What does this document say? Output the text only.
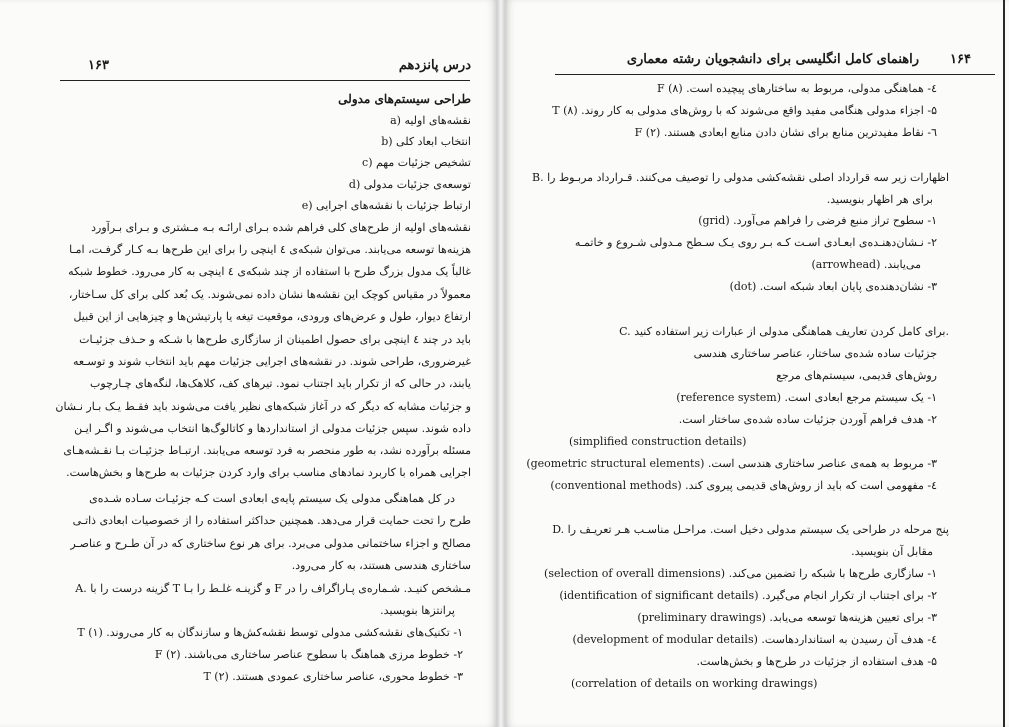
١۶٣	درس پانزدهم
طراحی سیستم‌های مدولی
نقشه‌های اولیه (a
انتخاب ابعاد کلی (b
تشخیص جزئیات مهم (c
توسعه‌ی جزئیات مدولی (d
ارتباط جزئیات با نقشه‌های اجرایی (e
نقشه‌های اولیه از طرح‌های کلی فراهم شده بـرای ارائـه بـه مـشتری و بـرای بـرآورد
هزینه‌ها توسعه می‌یابند. می‌توان شبکه‌ی ٤ اینچی را برای این طرح‌ها بـه کـار گرفـت، امـا
غالباً یک مدول بزرگ طرح با استفاده از چند شبکه‌ی ٤ اینچی به کار می‌رود. خطوط شبکه
معمولاً در مقیاس کوچک این نقشه‌ها نشان داده نمی‌شوند. یک بُعد کلی برای کل سـاختار،
ارتفاع دیوار، طول و عرض‌های ورودی، موقعیت تیغه یا پارتیشن‌ها و چیزهایی از این قبیل
باید در چند ٤ اینچی برای حصول اطمینان از سازگاری طرح‌ها با شـکه و حـذف جزئیـات
غیرضروری، طراحی شوند. در نقشه‌های اجرایی جزئیات مهم باید انتخاب شوند و توسـعه
یابند، در حالی که از تکرار باید اجتناب نمود. تیرهای کف، کلاهک‌ها، لنگه‌های چـارچوب
و جزئیات مشابه که دیگر که در آغاز شبکه‌های نظیر یافت می‌شوند باید فقـط یـک بـار نـشان
داده شوند. سپس جزئیات مدولی از استانداردها و کاتالوگ‌ها انتخاب می‌شوند و اگـر ایـن
مسئله برآورده نشد، به طور منحصر به فرد توسعه می‌یابند. ارتبـاط جزئیـات بـا نقـشه‌هـای
اجرایی همراه با کاربرد نمادهای مناسب برای وارد کردن جزئیات به طرح‌ها و بخش‌هاست.
در کل هماهنگی مدولی یک سیستم پایه‌ی ابعادی است کـه جزئیـات سـاده شـده‌ی
طرح را تحت حمایت قرار می‌دهد. همچنین حداکثر استفاده را از خصوصیات ابعادی ذاتـی
مصالح و اجزاء ساختمانی مدولی می‌برد. برای هر نوع ساختاری که در آن طـرح و عناصـر
ساختاری هندسی هستند، به کار می‌رود.
A. گزینه درست را با T و گزینـه غلـط را بـا F مـشخص کنیـد. شـماره‌ی پـاراگراف را در
پرانتزها بنویسید.
۱- تکنیک‌های نقشه‌کشی مدولی توسط نقشه‌کش‌ها و سازندگان به کار می‌روند. (۱) T
۲- خطوط مرزی هماهنگ با سطوح عناصر ساختاری می‌باشند. (۲) F
۳- خطوط محوری، عناصر ساختاری عمودی هستند. (۲) T
راهنمای کامل انگلیسی برای دانشجویان رشته معماری ١۶۴
٤- هماهنگی مدولی، مربوط به ساختارهای پیچیده است. (۸) F
۵- اجزاء مدولی هنگامی مفید واقع می‌شوند که با روش‌های مدولی به کار روند. (۸) T
٦- نقاط مفیدترین منابع برای نشان دادن منابع ابعادی هستند. (۲) F
B. اظهارات زیر سه قرارداد اصلی نقشه‌کشی مدولی را توصیف می‌کنند. قـرارداد مربـوط را
برای هر اظهار بنویسید.
۱- سطوح تراز منبع فرضی را فراهم می‌آورد. (grid)
۲- نـشان‌دهنـده‌ی ابعـادی اسـت کـه بـر روی یـک سـطح مـدولی شـروع و خاتمـه
می‌یابند. (arrowhead)
۳- نشان‌دهنده‌ی پایان ابعاد شبکه است. (dot)
C. برای کامل کردن تعاریف هماهنگی مدولی از عبارات زیر استفاده کنید.
جزئیات ساده شده‌ی ساختار، عناصر ساختاری هندسی
روش‌های قدیمی، سیستم‌های مرجع
۱- یک سیستم مرجع ابعادی است. (reference system)
۲- هدف فراهم آوردن جزئیات ساده شده‌ی ساختار است.
(simplified construction details)
۳- مربوط به همه‌ی عناصر ساختاری هندسی است. (geometric structural elements)
٤- مفهومی است که باید از روش‌های قدیمی پیروی کند. (conventional methods)
D. پنج مرحله در طراحی یک سیستم مدولی دخیل است. مراحـل مناسـب هـر تعریـف را
مقابل آن بنویسید.
۱- سازگاری طرح‌ها با شبکه را تضمین می‌کند. (selection of overall dimensions)
۲- برای اجتناب از تکرار انجام می‌گیرد. (identification of significant details)
۳- برای تعیین هزینه‌ها توسعه می‌یابد. (preliminary drawings)
٤- هدف آن رسیدن به استانداردهاست. (development of modular details)
۵- هدف استفاده از جزئیات در طرح‌ها و بخش‌هاست.
(correlation of details on working drawings)
